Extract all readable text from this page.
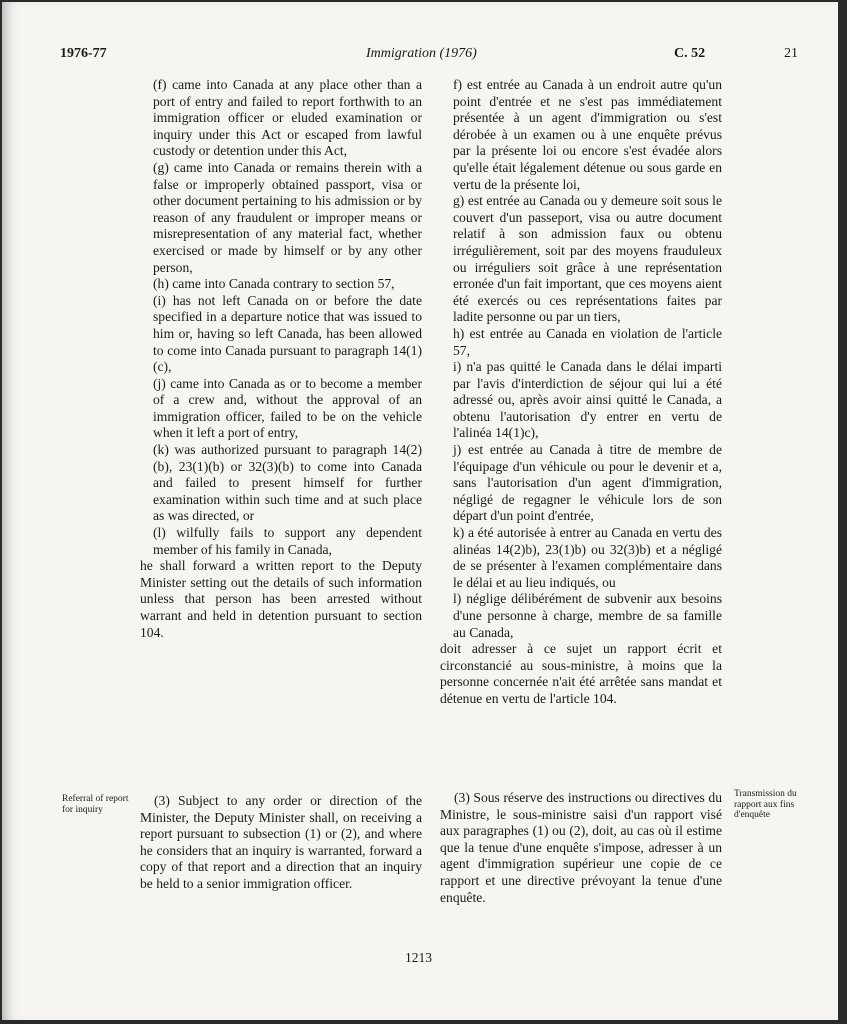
1976-77	Immigration (1976)	C. 52	21

(f) came into Canada at any place other than a port of entry and failed to report forthwith to an immigration officer or eluded examination or inquiry under this Act or escaped from lawful custody or detention under this Act,

(g) came into Canada or remains therein with a false or improperly obtained passport, visa or other document pertaining to his admission or by reason of any fraudulent or improper means or misrepresentation of any material fact, whether exercised or made by himself or by any other person,

(h) came into Canada contrary to section 57,

(i) has not left Canada on or before the date specified in a departure notice that was issued to him or, having so left Canada, has been allowed to come into Canada pursuant to paragraph 14(1)(c),

(j) came into Canada as or to become a member of a crew and, without the approval of an immigration officer, failed to be on the vehicle when it left a port of entry,

(k) was authorized pursuant to paragraph 14(2)(b), 23(1)(b) or 32(3)(b) to come into Canada and failed to present himself for further examination within such time and at such place as was directed, or

(l) wilfully fails to support any dependent member of his family in Canada,

he shall forward a written report to the Deputy Minister setting out the details of such information unless that person has been arrested without warrant and held in detention pursuant to section 104.

f) est entrée au Canada à un endroit autre qu'un point d'entrée et ne s'est pas immédiatement présentée à un agent d'immigration ou s'est dérobée à un examen ou à une enquête prévus par la présente loi ou encore s'est évadée alors qu'elle était légalement détenue ou sous garde en vertu de la présente loi,

g) est entrée au Canada ou y demeure soit sous le couvert d'un passeport, visa ou autre document relatif à son admission faux ou obtenu irrégulièrement, soit par des moyens frauduleux ou irréguliers soit grâce à une représentation erronée d'un fait important, que ces moyens aient été exercés ou ces représentations faites par ladite personne ou par un tiers,

h) est entrée au Canada en violation de l'article 57,

i) n'a pas quitté le Canada dans le délai imparti par l'avis d'interdiction de séjour qui lui a été adressé ou, après avoir ainsi quitté le Canada, a obtenu l'autorisation d'y entrer en vertu de l'alinéa 14(1)c),

j) est entrée au Canada à titre de membre de l'équipage d'un véhicule ou pour le devenir et a, sans l'autorisation d'un agent d'immigration, négligé de regagner le véhicule lors de son départ d'un point d'entrée,

k) a été autorisée à entrer au Canada en vertu des alinéas 14(2)b), 23(1)b) ou 32(3)b) et a négligé de se présenter à l'examen complémentaire dans le délai et au lieu indiqués, ou

l) néglige délibérément de subvenir aux besoins d'une personne à charge, membre de sa famille au Canada,

doit adresser à ce sujet un rapport écrit et circonstancié au sous-ministre, à moins que la personne concernée n'ait été arrêtée sans mandat et détenue en vertu de l'article 104.

Referral of report for inquiry

(3) Subject to any order or direction of the Minister, the Deputy Minister shall, on receiving a report pursuant to subsection (1) or (2), and where he considers that an inquiry is warranted, forward a copy of that report and a direction that an inquiry be held to a senior immigration officer.

(3) Sous réserve des instructions ou directives du Ministre, le sous-ministre saisi d'un rapport visé aux paragraphes (1) ou (2), doit, au cas où il estime que la tenue d'une enquête s'impose, adresser à un agent d'immigration supérieur une copie de ce rapport et une directive prévoyant la tenue d'une enquête.

Transmission du rapport aux fins d'enquête
1213
